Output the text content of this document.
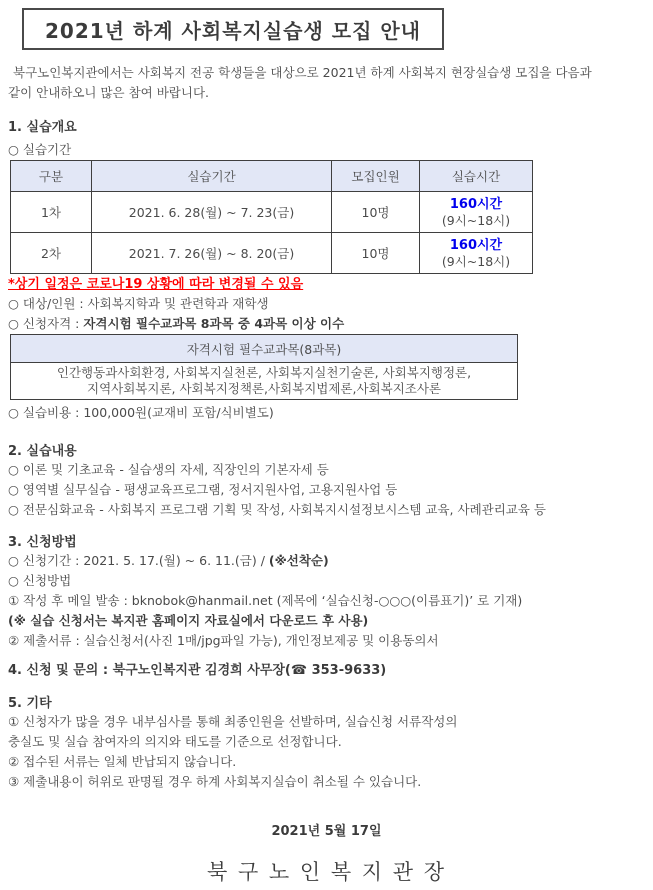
2021년 하계 사회복지실습생 모집 안내
북구노인복지관에서는 사회복지 전공 학생들을 대상으로 2021년 하계 사회복지 현장실습생 모집을 다음과
같이 안내하오니 많은 참여 바랍니다.
1. 실습개요
○ 실습기간
구분	실습기간	모집인원	실습시간
1차	2021. 6. 28(월) ~ 7. 23(금)	10명	160시간
(9시~18시)

2차	2021. 7. 26(월) ~ 8. 20(금)	10명	160시간
(9시~18시)
*상기 일정은 코로나19 상황에 따라 변경될 수 있음
○ 대상/인원 : 사회복지학과 및 관련학과 재학생
○ 신청자격 : 자격시험 필수교과목 8과목 중 4과목 이상 이수
자격시험 필수교과목(8과목)

인간행동과사회환경, 사회복지실천론, 사회복지실천기술론, 사회복지행정론,
지역사회복지론, 사회복지정책론,사회복지법제론,사회복지조사론
○ 실습비용 : 100,000원(교재비 포함/식비별도)
2. 실습내용
○ 이론 및 기초교육 - 실습생의 자세, 직장인의 기본자세 등
○ 영역별 실무실습 - 평생교육프로그램, 정서지원사업, 고용지원사업 등
○ 전문심화교육 - 사회복지 프로그램 기획 및 작성, 사회복지시설정보시스템 교육, 사례관리교육 등
3. 신청방법
○ 신청기간 : 2021. 5. 17.(월) ~ 6. 11.(금) / (※선착순)
○ 신청방법
① 작성 후 메일 발송 : bknobok@hanmail.net (제목에 ‘실습신청-○○○(이름표기)’ 로 기재)
(※ 실습 신청서는 복지관 홈페이지 자료실에서 다운로드 후 사용)
② 제출서류 : 실습신청서(사진 1매/jpg파일 가능), 개인정보제공 및 이용동의서
4. 신청 및 문의 : 북구노인복지관 김경희 사무장(☎ 353-9633)
5. 기타
① 신청자가 많을 경우 내부심사를 통해 최종인원을 선발하며, 실습신청 서류작성의
충실도 및 실습 참여자의 의지와 태도를 기준으로 선정합니다.
② 접수된 서류는 일체 반납되지 않습니다.
③ 제출내용이 허위로 판명될 경우 하계 사회복지실습이 취소될 수 있습니다.
2021년 5월 17일
북 구 노 인 복 지 관 장
